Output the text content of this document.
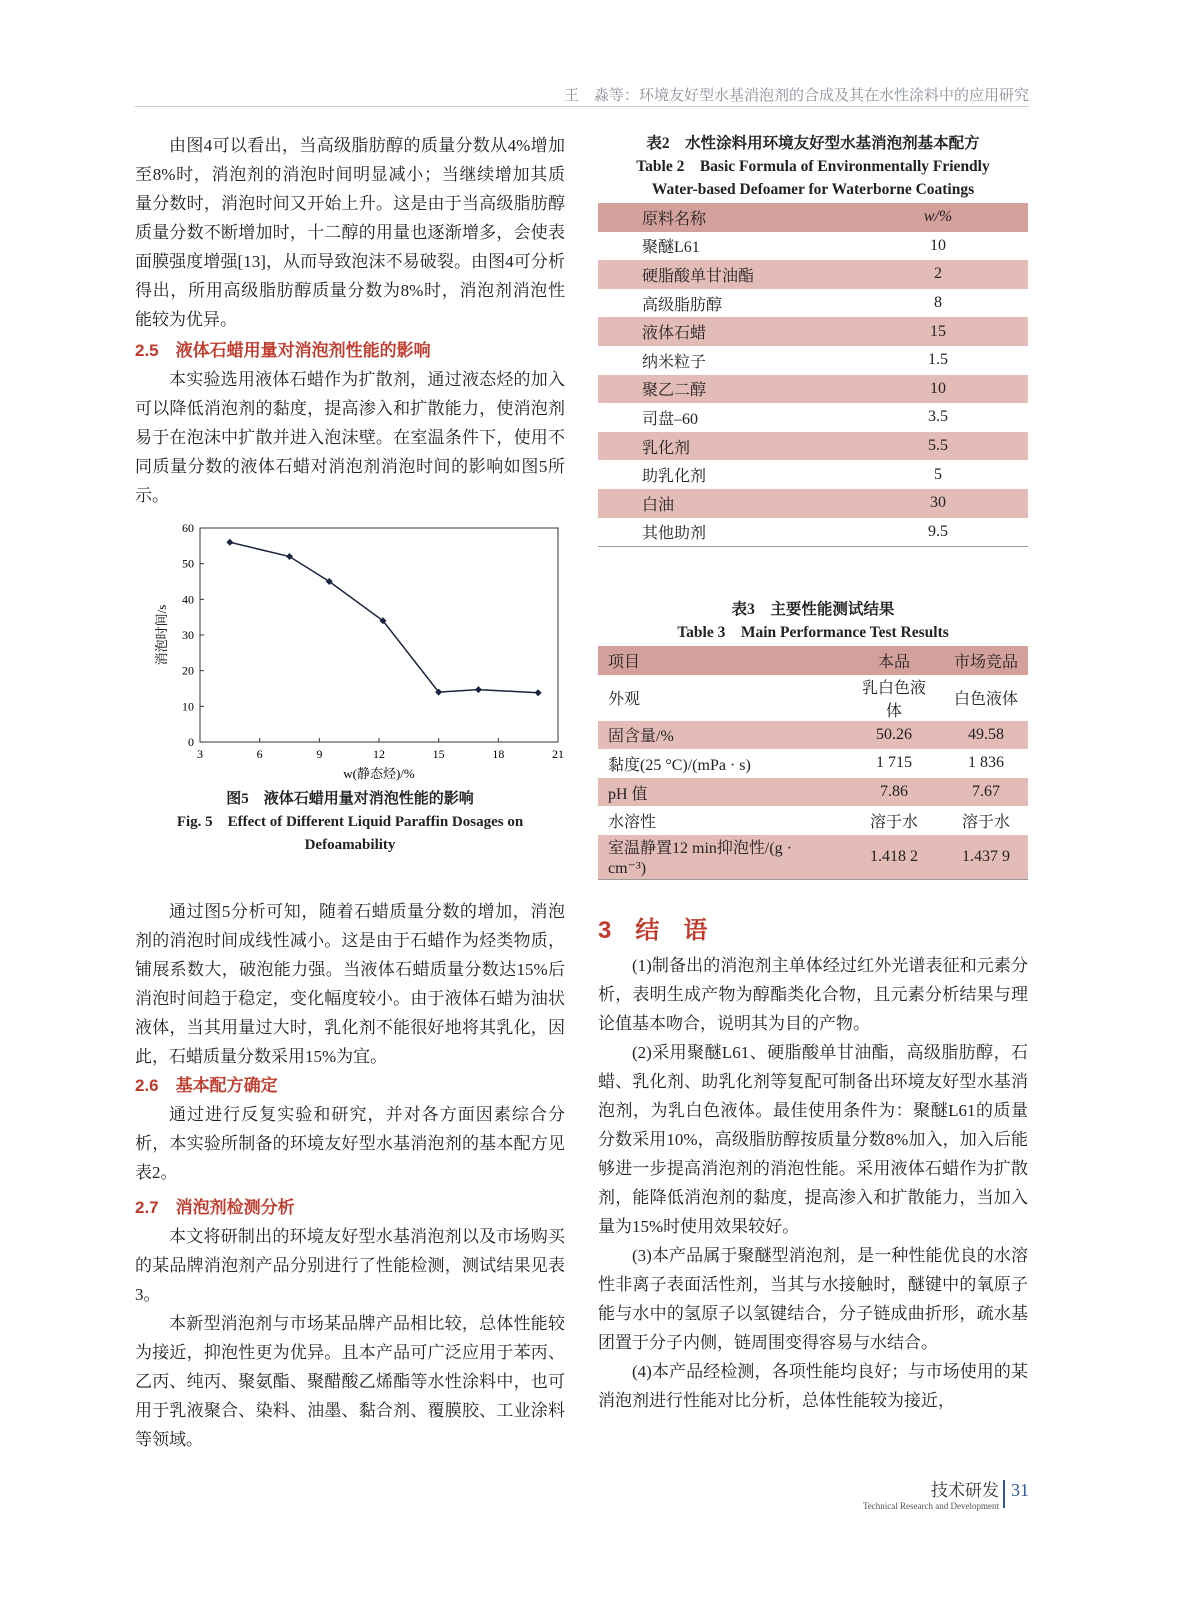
王　淼等：环境友好型水基消泡剂的合成及其在水性涂料中的应用研究

由图4可以看出，当高级脂肪醇的质量分数从4%增加至8%时，消泡剂的消泡时间明显减小；当继续增加其质量分数时，消泡时间又开始上升。这是由于当高级脂肪醇质量分数不断增加时，十二醇的用量也逐渐增多，会使表面膜强度增强[13]，从而导致泡沫不易破裂。由图4可分析得出，所用高级脂肪醇质量分数为8%时，消泡剂消泡性能较为优异。

2.5　液体石蜡用量对消泡剂性能的影响

本实验选用液体石蜡作为扩散剂，通过液态烃的加入可以降低消泡剂的黏度，提高渗入和扩散能力，使消泡剂易于在泡沫中扩散并进入泡沫壁。在室温条件下，使用不同质量分数的液体石蜡对消泡剂消泡时间的影响如图5所示。

3	6	9	12	15	18	21
0
10
20
30
40
50
60
w(静态烃)/%
消泡时间/s
图5　液体石蜡用量对消泡性能的影响
Fig. 5　Effect of Different Liquid Paraffin Dosages on Defoamability

通过图5分析可知，随着石蜡质量分数的增加，消泡剂的消泡时间成线性减小。这是由于石蜡作为烃类物质，铺展系数大，破泡能力强。当液体石蜡质量分数达15%后消泡时间趋于稳定，变化幅度较小。由于液体石蜡为油状液体，当其用量过大时，乳化剂不能很好地将其乳化，因此，石蜡质量分数采用15%为宜。

2.6　基本配方确定

通过进行反复实验和研究，并对各方面因素综合分析，本实验所制备的环境友好型水基消泡剂的基本配方见表2。

2.7　消泡剂检测分析

本文将研制出的环境友好型水基消泡剂以及市场购买的某品牌消泡剂产品分别进行了性能检测，测试结果见表 3。

本新型消泡剂与市场某品牌产品相比较，总体性能较为接近，抑泡性更为优异。且本产品可广泛应用于苯丙、乙丙、纯丙、聚氨酯、聚醋酸乙烯酯等水性涂料中，也可用于乳液聚合、染料、油墨、黏合剂、覆膜胶、工业涂料等领域。

表2　水性涂料用环境友好型水基消泡剂基本配方
Table 2　Basic Formula of Environmentally Friendly
Water-based Defoamer for Waterborne Coatings
原料名称	w/%
聚醚L61	10
硬脂酸单甘油酯	2
高级脂肪醇	8
液体石蜡	15
纳米粒子	1.5
聚乙二醇	10
司盘–60	3.5
乳化剂	5.5
助乳化剂	5
白油	30
其他助剂	9.5
表3　主要性能测试结果
Table 3　Main Performance Test Results
项目	本品	市场竞品
外观	乳白色液体	白色液体
固含量/%	50.26	49.58
黏度(25 °C)/(mPa · s)	1 715	1 836
pH 值	7.86	7.67
水溶性	溶于水	溶于水
室温静置12 min抑泡性/(g · cm⁻³)	1.418 2	1.437 9
3　结　语

(1)制备出的消泡剂主单体经过红外光谱表征和元素分析，表明生成产物为醇酯类化合物，且元素分析结果与理论值基本吻合，说明其为目的产物。

(2)采用聚醚L61、硬脂酸单甘油酯，高级脂肪醇，石蜡、乳化剂、助乳化剂等复配可制备出环境友好型水基消泡剂，为乳白色液体。最佳使用条件为：聚醚L61的质量分数采用10%，高级脂肪醇按质量分数8%加入，加入后能够进一步提高消泡剂的消泡性能。采用液体石蜡作为扩散剂，能降低消泡剂的黏度，提高渗入和扩散能力，当加入量为15%时使用效果较好。

(3)本产品属于聚醚型消泡剂，是一种性能优良的水溶性非离子表面活性剂，当其与水接触时，醚键中的氧原子能与水中的氢原子以氢键结合，分子链成曲折形，疏水基团置于分子内侧，链周围变得容易与水结合。

(4)本产品经检测，各项性能均良好；与市场使用的某消泡剂进行性能对比分析，总体性能较为接近，

技术研发
Technical Research and Development
31
